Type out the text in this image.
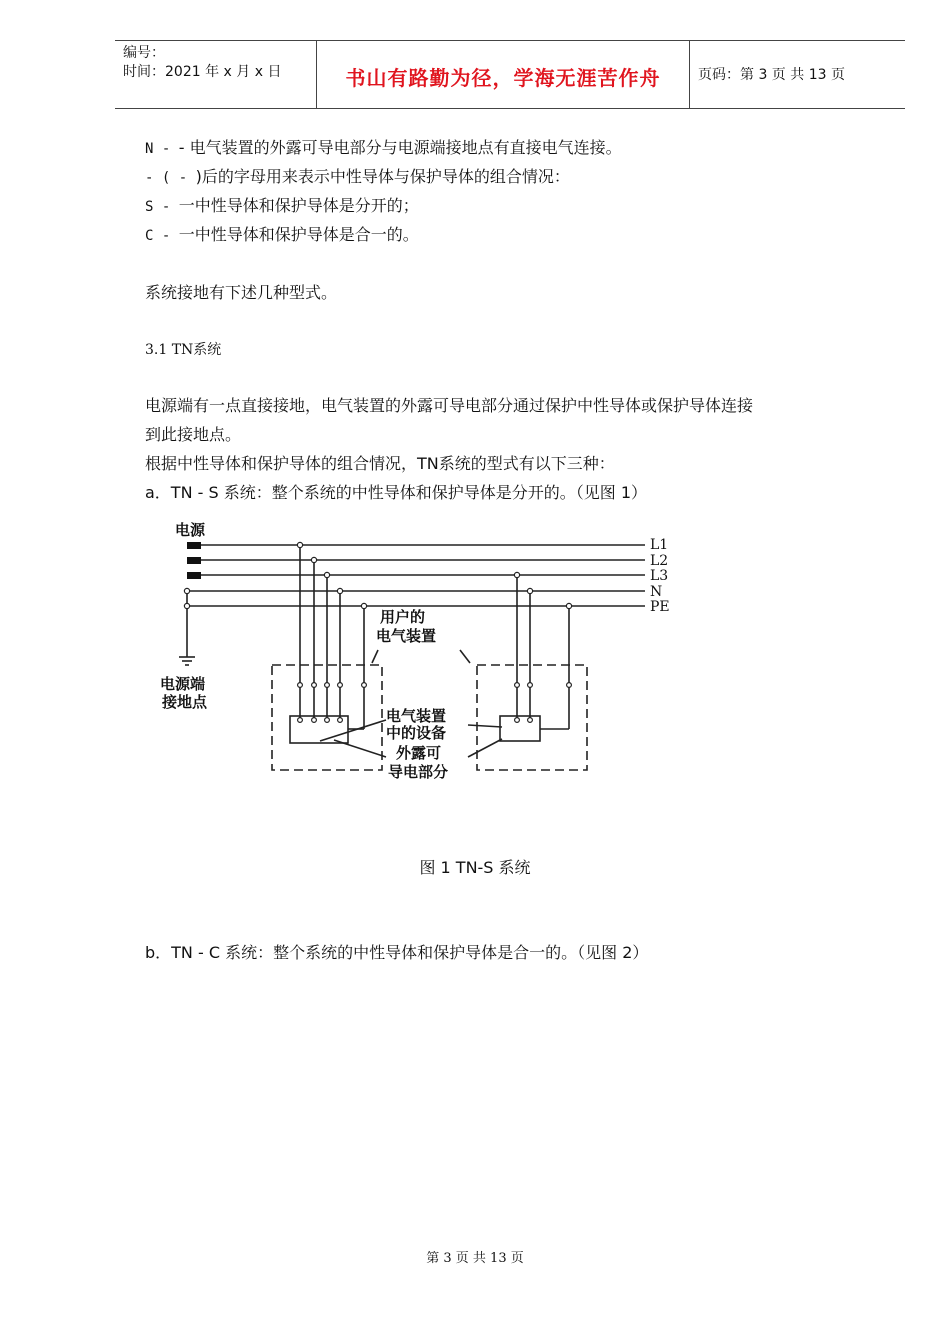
编号：
时间：2021 年 x 月 x 日	书山有路勤为径，学海无涯苦作舟	页码：第 3 页 共 13 页
N - - 电气装置的外露可导电部分与电源端接地点有直接电气连接。
- ( - )后的字母用来表示中性导体与保护导体的组合情况：
S - 一中性导体和保护导体是分开的；
C - 一中性导体和保护导体是合一的。
系统接地有下述几种型式。
3.1 TN系统
电源端有一点直接接地，电气装置的外露可导电部分通过保护中性导体或保护导体连接
到此接地点。
根据中性导体和保护导体的组合情况，TN系统的型式有以下三种：
a．TN - S 系统：整个系统的中性导体和保护导体是分开的。（见图 1）
电源
电源端
接地点
用户的
电气装置
电气装置
中的设备
外露可
导电部分
L1
L2
L3
N
PE
图 1 TN-S 系统
b．TN - C 系统：整个系统的中性导体和保护导体是合一的。（见图 2）
第 3 页 共 13 页
